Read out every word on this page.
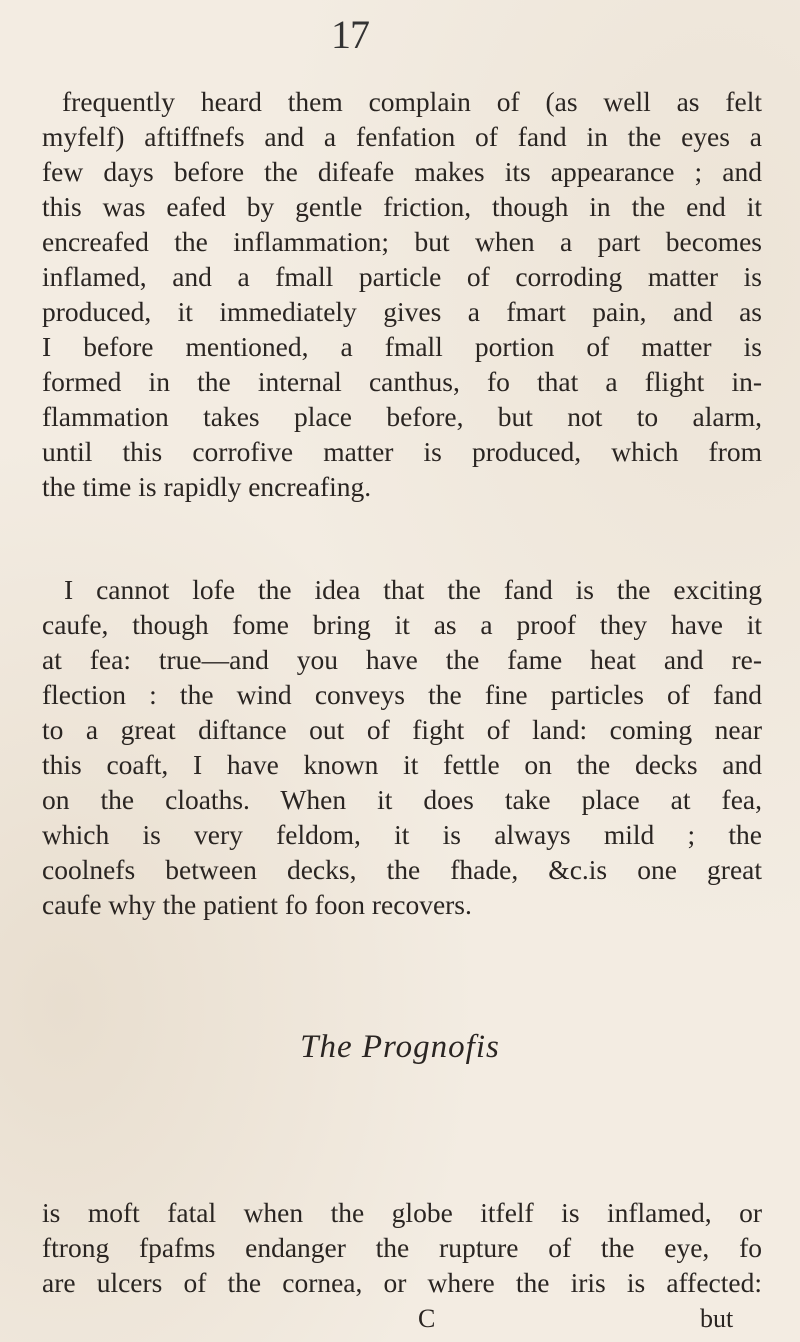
17
frequently heard them complain of (as well as felt
myfelf) aftiffnefs and a fenfation of fand in the eyes a
few days before the difeafe makes its appearance ; and
this was eafed by gentle friction, though in the end it
encreafed the inflammation; but when a part becomes
inflamed, and a fmall particle of corroding matter is
produced, it immediately gives a fmart pain, and as
I before mentioned, a fmall portion of matter is
formed in the internal canthus, fo that a flight in-
flammation takes place before, but not to alarm,
until this corrofive matter is produced, which from
the time is rapidly encreafing.
I cannot lofe the idea that the fand is the exciting
caufe, though fome bring it as a proof they have it
at fea: true—and you have the fame heat and re-
flection : the wind conveys the fine particles of fand
to a great diftance out of fight of land: coming near
this coaft, I have known it fettle on the decks and
on the cloaths. When it does take place at fea,
which is very feldom, it is always mild ; the
coolnefs between decks, the fhade, &c.is one great
caufe why the patient fo foon recovers.
The Prognofis
is moft fatal when the globe itfelf is inflamed, or
ftrong fpafms endanger the rupture of the eye, fo
are ulcers of the cornea, or where the iris is affected:
C	but
